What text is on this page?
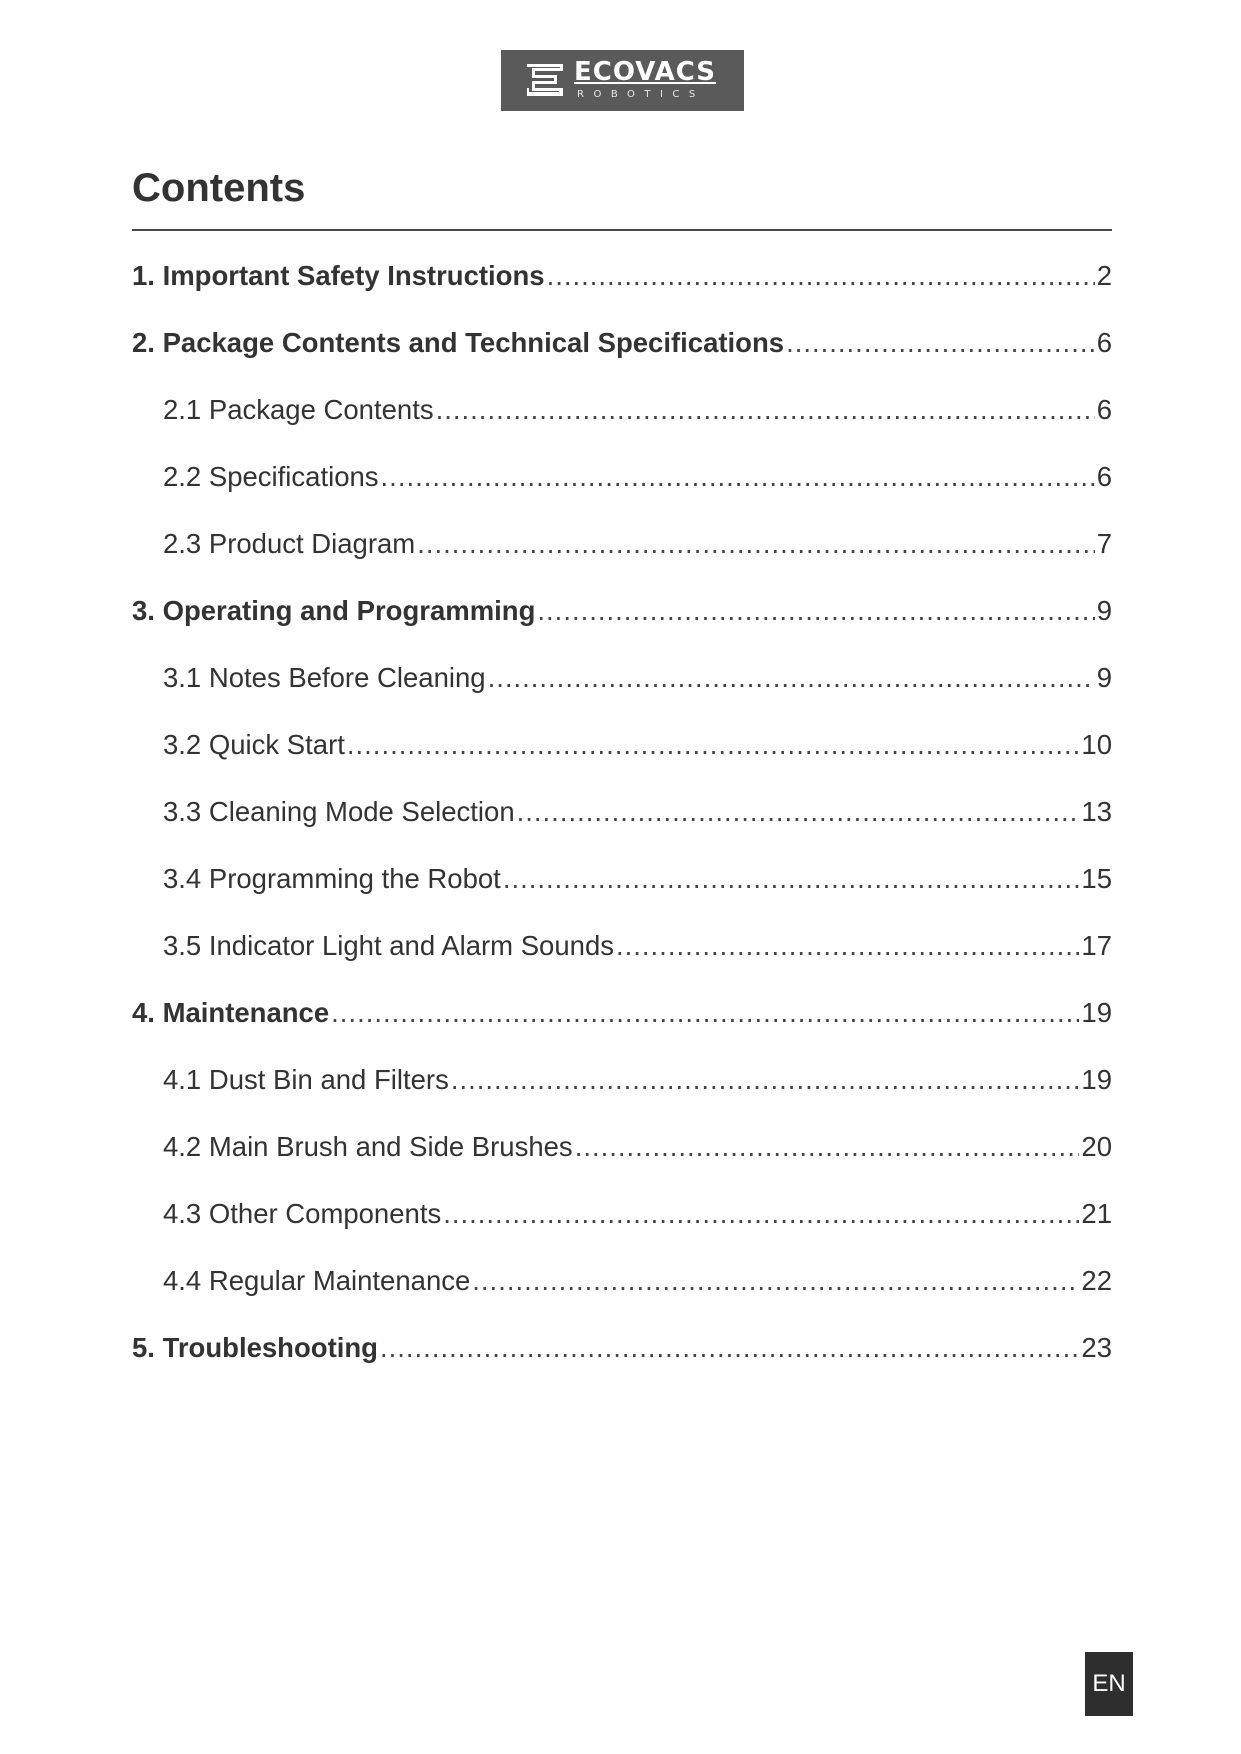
ECOVACS
ROBOTICS
Contents
1. Important Safety Instructions .....	2
2. Package Contents and Technical Specifications .....	6
2.1 Package Contents .....	6
2.2 Specifications .....	6
2.3 Product Diagram .....	7
3. Operating and Programming .....	9
3.1 Notes Before Cleaning .....	9
3.2 Quick Start .....	10
3.3 Cleaning Mode Selection .....	13
3.4 Programming the Robot .....	15
3.5 Indicator Light and Alarm Sounds .....	17
4. Maintenance .....	19
4.1 Dust Bin and Filters .....	19
4.2 Main Brush and Side Brushes .....	20
4.3 Other Components .....	21
4.4 Regular Maintenance .....	22
5. Troubleshooting .....	23
EN
